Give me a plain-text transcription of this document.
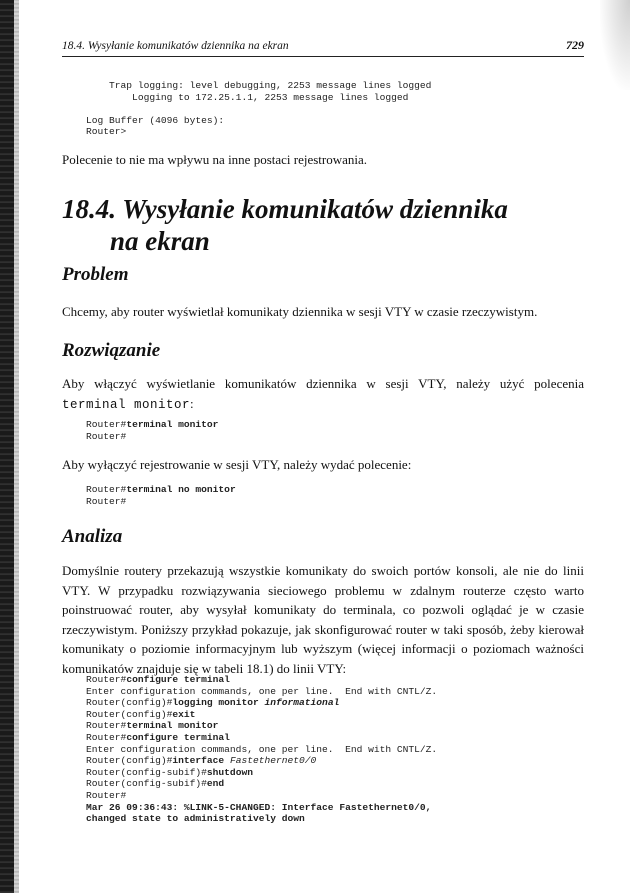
18.4. Wysyłanie komunikatów dziennika na ekran	729
Trap logging: level debugging, 2253 message lines logged
Logging to 172.25.1.1, 2253 message lines logged

Log Buffer (4096 bytes):
Router>

Polecenie to nie ma wpływu na inne postaci rejestrowania.

18.4. Wysyłanie komunikatów dziennika
na ekran
Problem

Chcemy, aby router wyświetlał komunikaty dziennika w sesji VTY w czasie rzeczywistym.

Rozwiązanie

Aby włączyć wyświetlanie komunikatów dziennika w sesji VTY, należy użyć polecenia terminal monitor:

Router#terminal monitor
Router#

Aby wyłączyć rejestrowanie w sesji VTY, należy wydać polecenie:

Router#terminal no monitor
Router#
Analiza

Domyślnie routery przekazują wszystkie komunikaty do swoich portów konsoli, ale nie do linii VTY. W przypadku rozwiązywania sieciowego problemu w zdalnym routerze często warto poinstruować router, aby wysyłał komunikaty do terminala, co pozwoli oglądać je w czasie rzeczywistym. Poniższy przykład pokazuje, jak skonfigurować router w taki sposób, żeby kierował komunikaty o poziomie informacyjnym lub wyższym (więcej informacji o poziomach ważności komunikatów znajduje się w tabeli 18.1) do linii VTY:

Router#configure terminal
Enter configuration commands, one per line.  End with CNTL/Z.
Router(config)#logging monitor informational
Router(config)#exit
Router#terminal monitor
Router#configure terminal
Enter configuration commands, one per line.  End with CNTL/Z.
Router(config)#interface Fastethernet0/0
Router(config-subif)#shutdown
Router(config-subif)#end
Router#
Mar 26 09:36:43: %LINK-5-CHANGED: Interface Fastethernet0/0,
changed state to administratively down
